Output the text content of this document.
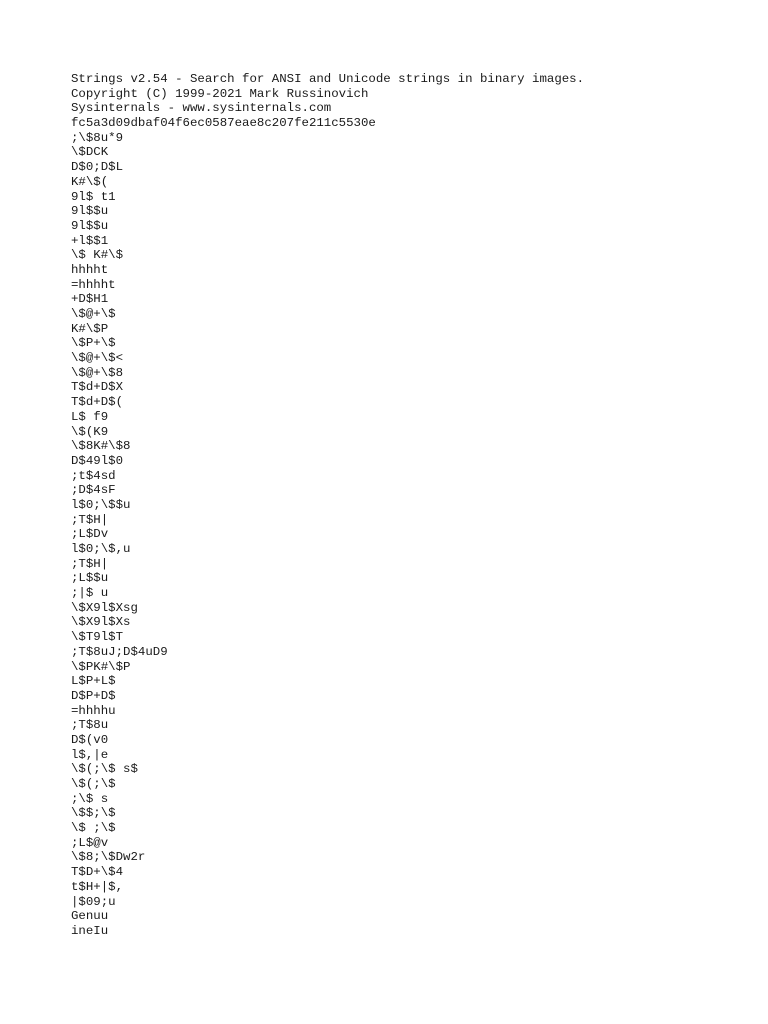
Strings v2.54 - Search for ANSI and Unicode strings in binary images.
Copyright (C) 1999-2021 Mark Russinovich
Sysinternals - www.sysinternals.com
fc5a3d09dbaf04f6ec0587eae8c207fe211c5530e
;\$8u*9
\$DCK
D$0;D$L
K#\$(
9l$ t1
9l$$u
9l$$u
+l$$1
\$ K#\$
hhhht
=hhhht
+D$H1
\$@+\$
K#\$P
\$P+\$
\$@+\$<
\$@+\$8
T$d+D$X
T$d+D$(
L$ f9
\$(K9
\$8K#\$8
D$49l$0
;t$4sd
;D$4sF
l$0;\$$u
;T$H|
;L$Dv
l$0;\$,u
;T$H|
;L$$u
;|$ u
\$X9l$Xsg
\$X9l$Xs
\$T9l$T
;T$8uJ;D$4uD9
\$PK#\$P
L$P+L$
D$P+D$
=hhhhu
;T$8u
D$(v0
l$,|e
\$(;\$ s$
\$(;\$
;\$ s
\$$;\$
\$ ;\$
;L$@v
\$8;\$Dw2r
T$D+\$4
t$H+|$,
|$09;u
Genuu
ineIu
